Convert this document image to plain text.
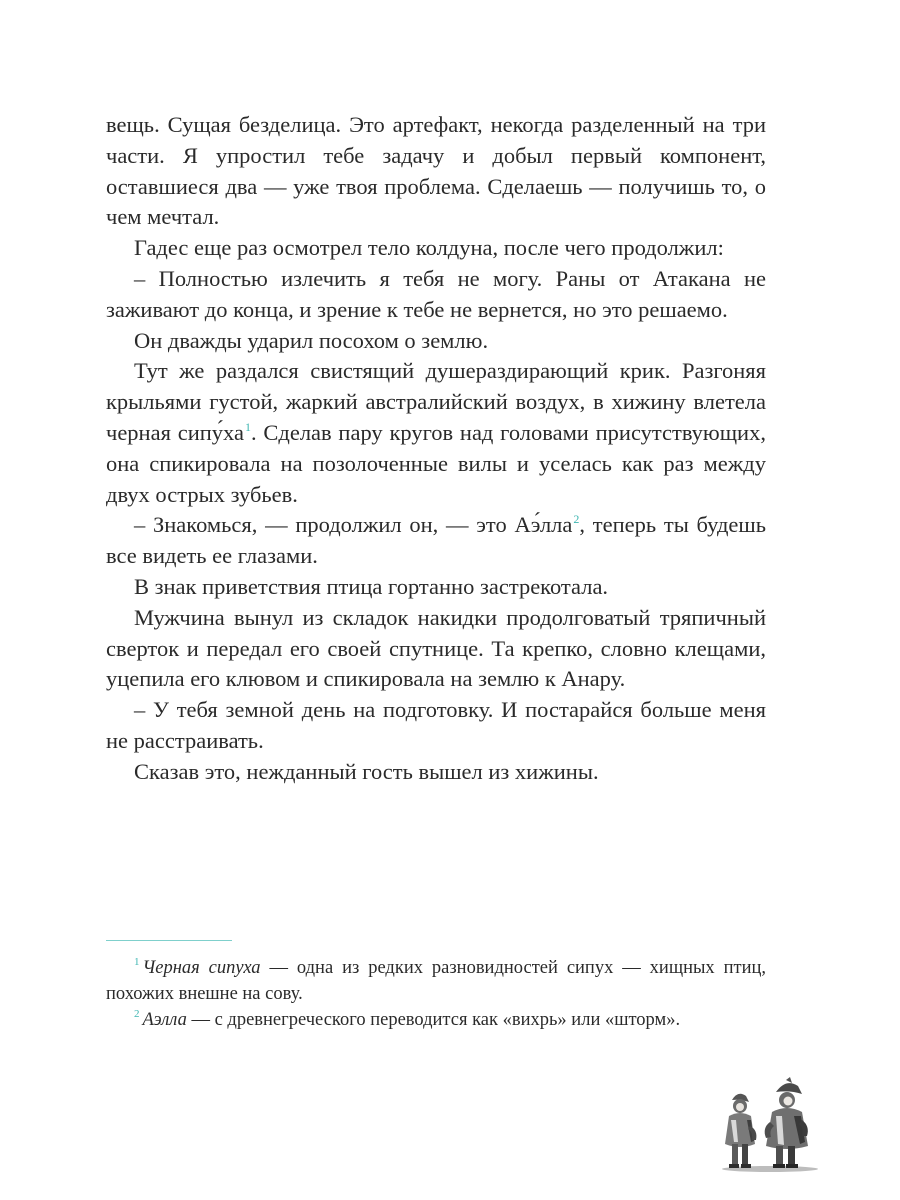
вещь. Сущая безделица. Это артефакт, некогда разделенный на три части. Я упростил тебе задачу и добыл первый компонент, оставшиеся два — уже твоя проблема. Сделаешь — получишь то, о чем мечтал.

Гадес еще раз осмотрел тело колдуна, после чего продолжил:

– Полностью излечить я тебя не могу. Раны от Атакана не заживают до конца, и зрение к тебе не вернется, но это решаемо.

Он дважды ударил посохом о землю.

Тут же раздался свистящий душераздирающий крик. Разгоняя крыльями густой, жаркий австралийский воздух, в хижину влетела черная сипу́ха$^1$. Сделав пару кругов над головами присутствующих, она спикировала на позолоченные вилы и уселась как раз между двух острых зубьев.

– Знакомься, — продолжил он, — это Аэ́лла$^2$, теперь ты будешь все видеть ее глазами.

В знак приветствия птица гортанно застрекотала.

Мужчина вынул из складок накидки продолговатый тряпичный сверток и передал его своей спутнице. Та крепко, словно клещами, уцепила его клювом и спикировала на землю к Анару.

– У тебя земной день на подготовку. И постарайся больше меня не расстраивать.

Сказав это, нежданный гость вышел из хижины.

$^1$ Черная сипуха — одна из редких разновидностей сипух — хищных птиц, похожих внешне на сову.

$^2$ Аэлла — с древнегреческого переводится как «вихрь» или «шторм».
